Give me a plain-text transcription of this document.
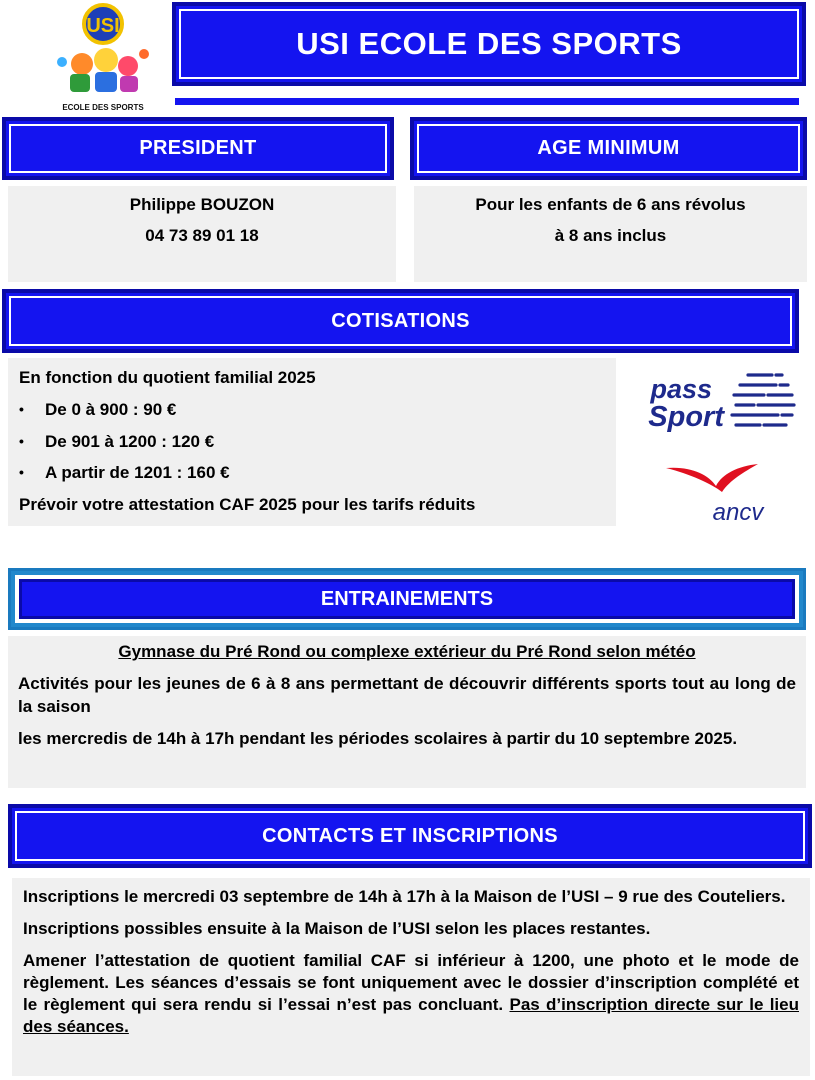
USI
ECOLE DES SPORTS
USI ECOLE DES SPORTS
PRESIDENT
Philippe BOUZON
04 73 89 01 18
AGE MINIMUM
Pour les enfants de 6 ans révolus
à 8 ans inclus
COTISATIONS
En fonction du quotient familial 2025
• De 0 à 900 : 90 €
• De 901 à 1200 : 120 €
• A partir de 1201 : 160 €
Prévoir votre attestation CAF 2025 pour les tarifs réduits
pass
Sport
ancv
ENTRAINEMENTS
Gymnase du Pré Rond ou complexe extérieur du Pré Rond selon météo
Activités pour les jeunes de 6 à 8 ans permettant de découvrir différents sports tout au long de la saison
les mercredis de 14h à 17h pendant les périodes scolaires à partir du 10 septembre 2025.
CONTACTS ET INSCRIPTIONS

Inscriptions le mercredi 03 septembre de 14h à 17h à la Maison de l’USI – 9 rue des Couteliers.

Inscriptions possibles ensuite à la Maison de l’USI selon les places restantes.

Amener l’attestation de quotient familial CAF si inférieur à 1200, une photo et le mode de règlement. Les séances d’essais se font uniquement avec le dossier d’inscription complété et le règlement qui sera rendu si l’essai n’est pas concluant. Pas d’inscription directe sur le lieu des séances.
